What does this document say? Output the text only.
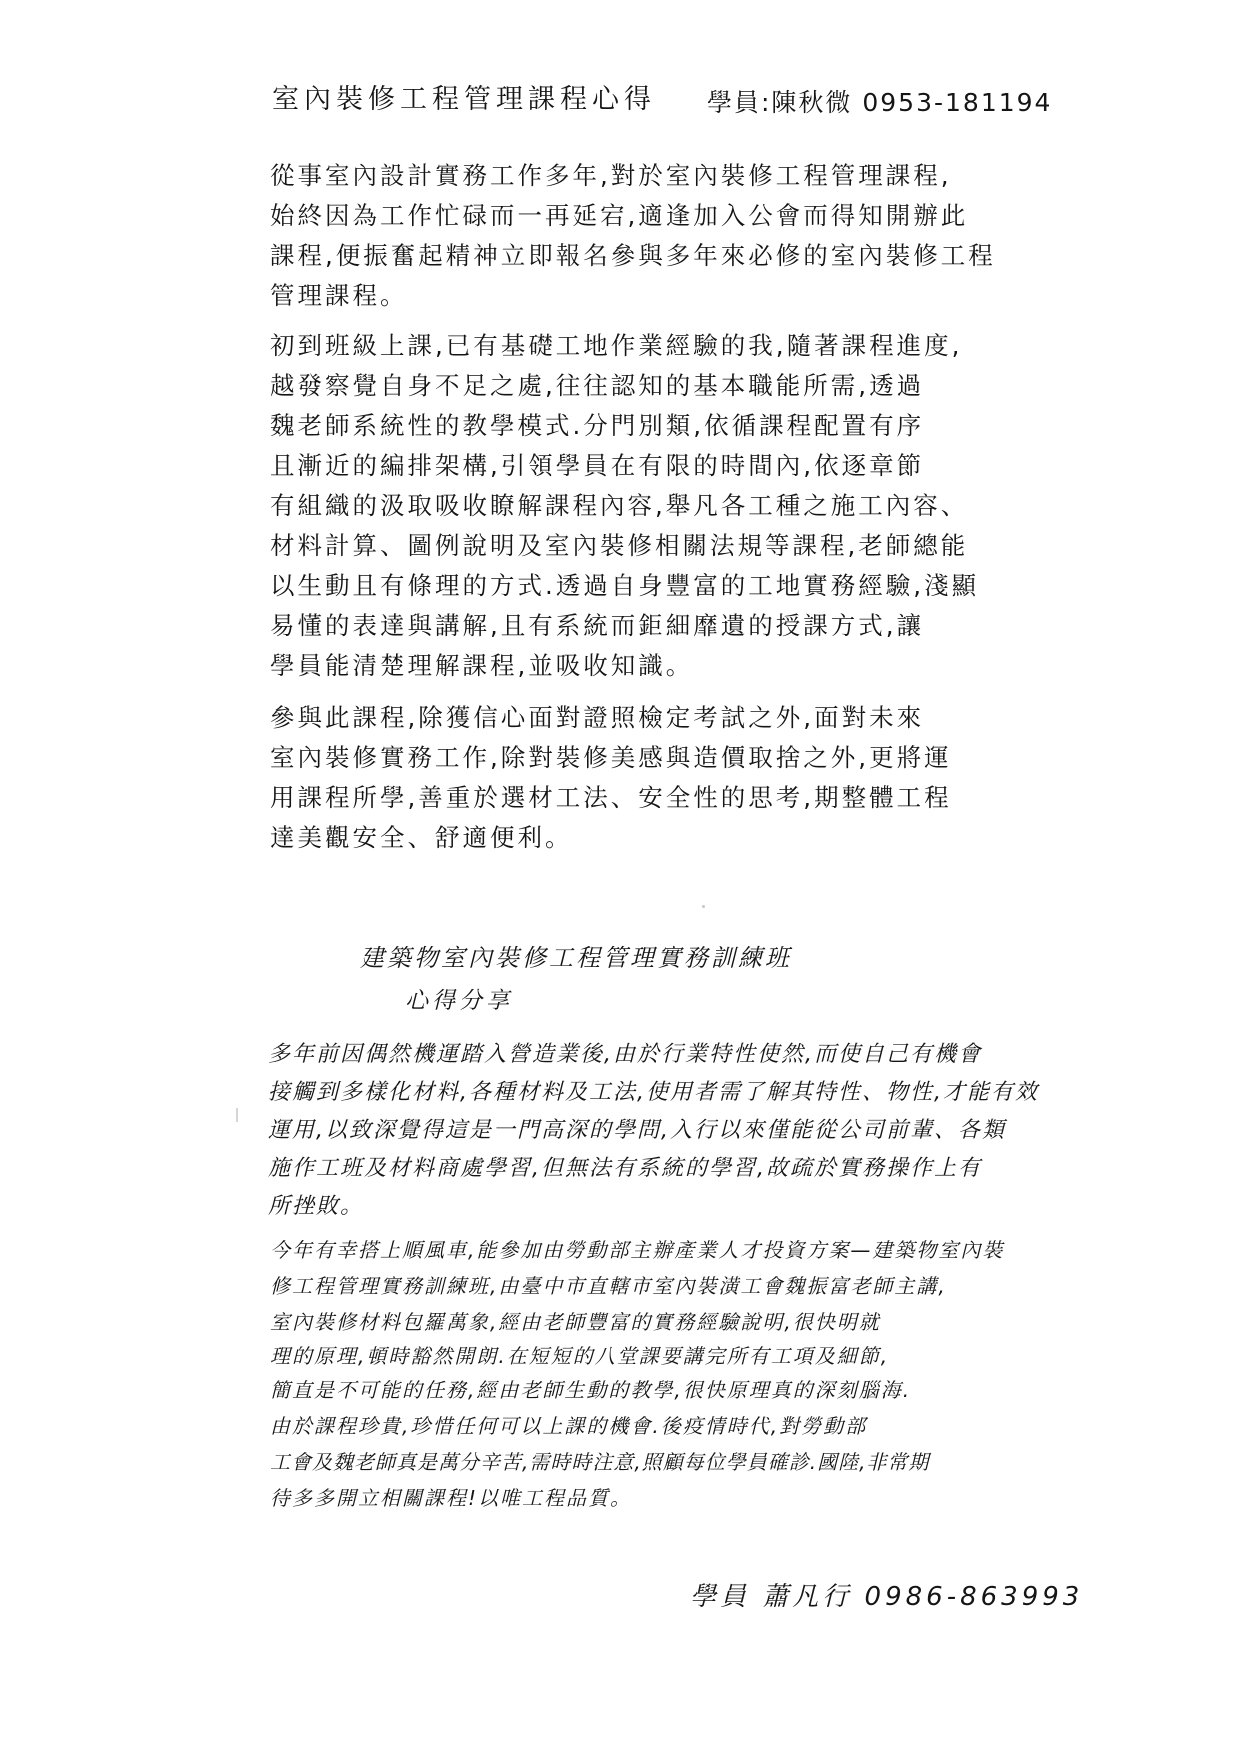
室內裝修工程管理課程心得 學員:陳秋微 0953-181194
從事室內設計實務工作多年,對於室內裝修工程管理課程,
始終因為工作忙碌而一再延宕,適逢加入公會而得知開辦此
課程,便振奮起精神立即報名參與多年來必修的室內裝修工程
管理課程。
初到班級上課,已有基礎工地作業經驗的我,隨著課程進度,
越發察覺自身不足之處,往往認知的基本職能所需,透過
魏老師系統性的教學模式.分門別類,依循課程配置有序
且漸近的編排架構,引領學員在有限的時間內,依逐章節
有組織的汲取吸收瞭解課程內容,舉凡各工種之施工內容、
材料計算、圖例說明及室內裝修相關法規等課程,老師總能
以生動且有條理的方式.透過自身豐富的工地實務經驗,淺顯
易懂的表達與講解,且有系統而鉅細靡遺的授課方式,讓
學員能清楚理解課程,並吸收知識。
參與此課程,除獲信心面對證照檢定考試之外,面對未來
室內裝修實務工作,除對裝修美感與造價取捨之外,更將運
用課程所學,善重於選材工法、安全性的思考,期整體工程
達美觀安全、舒適便利。
建築物室內裝修工程管理實務訓練班
心得分享
多年前因偶然機運踏入營造業後,由於行業特性使然,而使自己有機會
接觸到多樣化材料,各種材料及工法,使用者需了解其特性、物性,才能有效
運用,以致深覺得這是一門高深的學問,入行以來僅能從公司前輩、各類
施作工班及材料商處學習,但無法有系統的學習,故疏於實務操作上有
所挫敗。
今年有幸搭上順風車,能參加由勞動部主辦產業人才投資方案—建築物室內裝
修工程管理實務訓練班,由臺中市直轄市室內裝潢工會魏振富老師主講,
室內裝修材料包羅萬象,經由老師豐富的實務經驗說明,很快明就
理的原理,頓時豁然開朗.在短短的八堂課要講完所有工項及細節,
簡直是不可能的任務,經由老師生動的教學,很快原理真的深刻腦海.
由於課程珍貴,珍惜任何可以上課的機會.後疫情時代,對勞動部
工會及魏老師真是萬分辛苦,需時時注意,照顧每位學員確診.國陸,非常期
待多多開立相關課程!以唯工程品質。
學員 蕭凡行 0986-863993
